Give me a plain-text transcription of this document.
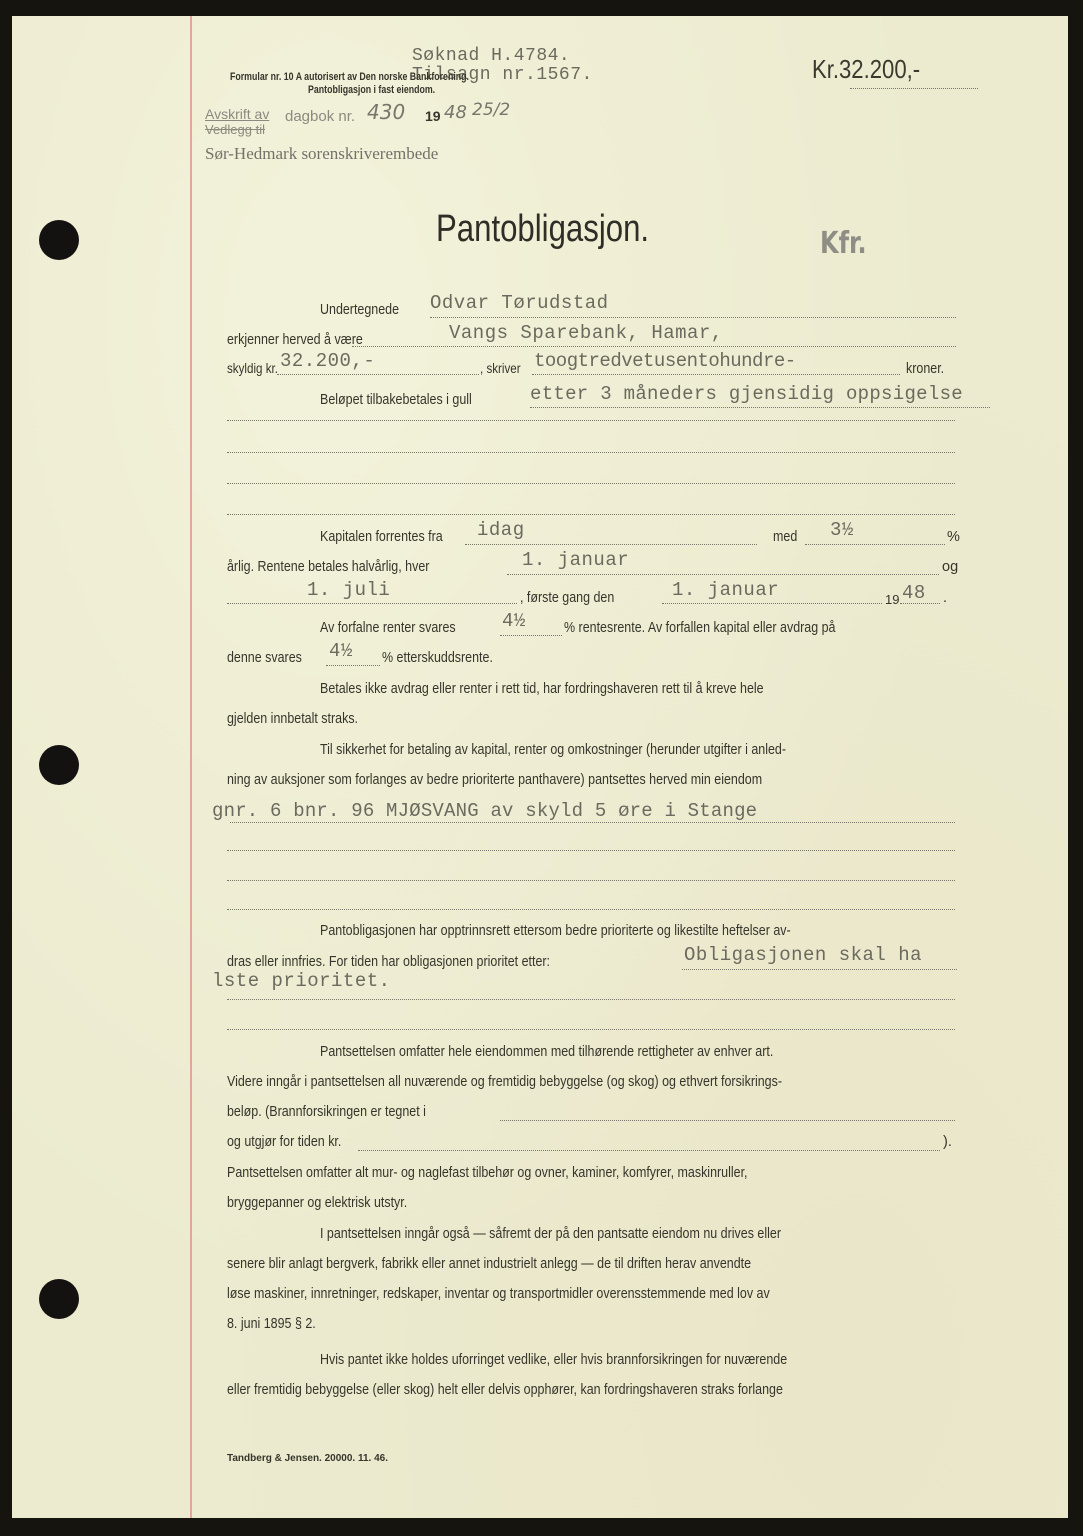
Søknad H.4784.
Tilsagn nr.1567.
Formular nr. 10 A autorisert av Den norske Bankforening.
Pantobligasjon i fast eiendom.
Kr.32.200,-
Avskrift av
Vedlegg til
dagbok nr. 430 19 48 25/2
Sør-Hedmark sorenskriverembede
Pantobligasjon.	Kfr.
Undertegnede Odvar Tørudstad
erkjenner herved å være	Vangs Sparebank, Hamar,
skyldig kr. 32.200,-	, skriver toogtredvetusentohundre-	kroner.
Beløpet tilbakebetales i gull	etter 3 måneders gjensidig oppsigelse
Kapitalen forrentes fra idag	med 3½	%
årlig. Rentene betales halvårlig, hver	1. januar	og
1. juli	, første gang den	1. januar	19 48 .
Av forfalne renter svares 4½	% rentesrente. Av forfallen kapital eller avdrag på
denne svares 4½ % etterskuddsrente.
Betales ikke avdrag eller renter i rett tid, har fordringshaveren rett til å kreve hele
gjelden innbetalt straks.
Til sikkerhet for betaling av kapital, renter og omkostninger (herunder utgifter i anled-
ning av auksjoner som forlanges av bedre prioriterte panthavere) pantsettes herved min eiendom
gnr. 6 bnr. 96 MJØSVANG av skyld 5 øre i Stange
Pantobligasjonen har opptrinnsrett ettersom bedre prioriterte og likestilte heftelser av-
dras eller innfries. For tiden har obligasjonen prioritet etter:	Obligasjonen skal ha
lste prioritet.
Pantsettelsen omfatter hele eiendommen med tilhørende rettigheter av enhver art.
Videre inngår i pantsettelsen all nuværende og fremtidig bebyggelse (og skog) og ethvert forsikrings-
beløp. (Brannforsikringen er tegnet i
og utgjør for tiden kr.	).
Pantsettelsen omfatter alt mur- og naglefast tilbehør og ovner, kaminer, komfyrer, maskinruller,
bryggepanner og elektrisk utstyr.
I pantsettelsen inngår også — såfremt der på den pantsatte eiendom nu drives eller
senere blir anlagt bergverk, fabrikk eller annet industrielt anlegg — de til driften herav anvendte
løse maskiner, innretninger, redskaper, inventar og transportmidler overensstemmende med lov av
8. juni 1895 § 2.
Hvis pantet ikke holdes uforringet vedlike, eller hvis brannforsikringen for nuværende
eller fremtidig bebyggelse (eller skog) helt eller delvis opphører, kan fordringshaveren straks forlange
Tandberg & Jensen. 20000. 11. 46.
